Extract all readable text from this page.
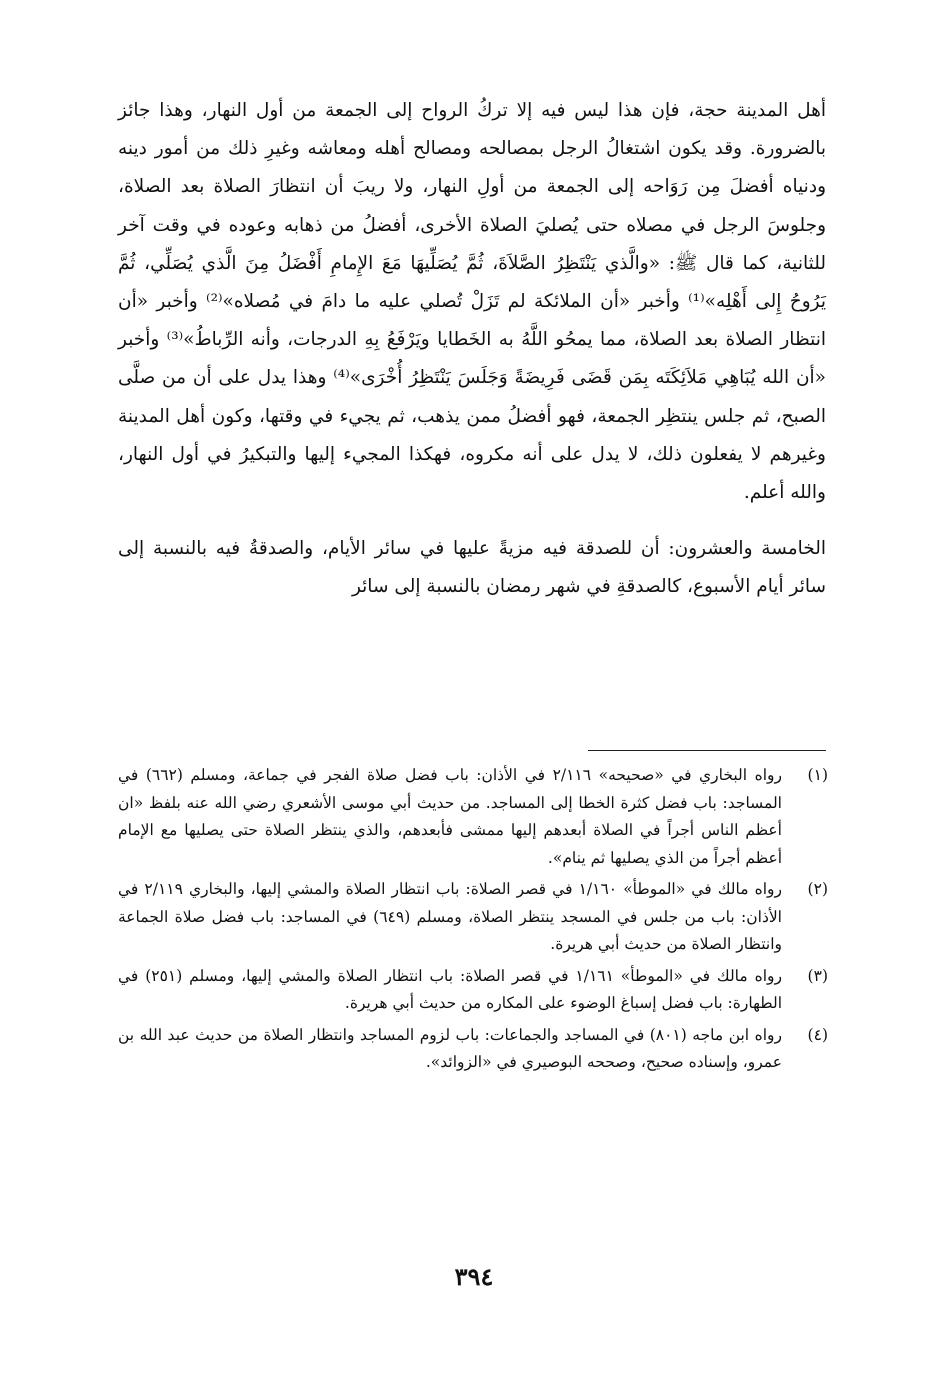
أهل المدينة حجة، فإن هذا ليس فيه إلا تركُ الرواح إلى الجمعة من أول النهار، وهذا جائز بالضرورة. وقد يكون اشتغالُ الرجل بمصالحه ومصالح أهله ومعاشه وغيرِ ذلك من أمور دينه ودنياه أفضلَ مِن رَوَاحه إلى الجمعة من أولِ النهار، ولا ريبَ أن انتظارَ الصلاة بعد الصلاة، وجلوسَ الرجل في مصلاه حتى يُصليَ الصلاة الأخرى، أفضلُ من ذهابه وعوده في وقت آخر للثانية، كما قال ﷺ: «والَّذي يَنْتَظِرُ الصَّلاَةَ، ثُمَّ يُصَلِّيهَا مَعَ الإِمامِ أَفْضَلُ مِنَ الَّذي يُصَلِّي، ثُمَّ يَرُوحُ إِلى أَهْلِه»⁽¹⁾ وأخبر «أن الملائكة لم تَزَلْ تُصلي عليه ما دامَ في مُصلاه»⁽²⁾ وأخبر «أن انتظار الصلاة بعد الصلاة، مما يمحُو اللَّهُ به الخَطايا ويَرْفَعُ بِهِ الدرجات، وأنه الرِّباطُ»⁽³⁾ وأخبر «أن الله يُبَاهِي مَلاَئِكَتَه بِمَن قَضَى فَرِيضَةً وَجَلَسَ يَنْتَظِرُ أُخْرَى»⁽⁴⁾ وهذا يدل على أن من صلَّى الصبح، ثم جلس ينتظِر الجمعة، فهو أفضلُ ممن يذهب، ثم يجيء في وقتها، وكون أهل المدينة وغيرهم لا يفعلون ذلك، لا يدل على أنه مكروه، فهكذا المجيء إليها والتبكيرُ في أول النهار، والله أعلم.

الخامسة والعشرون: أن للصدقة فيه مزيةً عليها في سائر الأيام، والصدقةُ فيه بالنسبة إلى سائر أيام الأسبوع، كالصدقةِ في شهر رمضان بالنسبة إلى سائر

(١)
رواه البخاري في «صحيحه» ٢/١١٦ في الأذان: باب فضل صلاة الفجر في جماعة، ومسلم (٦٦٢) في المساجد: باب فضل كثرة الخطا إلى المساجد. من حديث أبي موسى الأشعري رضي الله عنه بلفظ «ان أعظم الناس أجراً في الصلاة أبعدهم إليها ممشى فأبعدهم، والذي ينتظر الصلاة حتى يصليها مع الإمام أعظم أجراً من الذي يصليها ثم ينام».
(٢)
رواه مالك في «الموطأ» ١/١٦٠ في قصر الصلاة: باب انتظار الصلاة والمشي إليها، والبخاري ٢/١١٩ في الأذان: باب من جلس في المسجد ينتظر الصلاة، ومسلم (٦٤٩) في المساجد: باب فضل صلاة الجماعة وانتظار الصلاة من حديث أبي هريرة.
(٣)
رواه مالك في «الموطأ» ١/١٦١ في قصر الصلاة: باب انتظار الصلاة والمشي إليها، ومسلم (٢٥١) في الطهارة: باب فضل إسباغ الوضوء على المكاره من حديث أبي هريرة.
(٤)
رواه ابن ماجه (٨٠١) في المساجد والجماعات: باب لزوم المساجد وانتظار الصلاة من حديث عبد الله بن عمرو، وإسناده صحيح، وصححه البوصيري في «الزوائد».
٣٩٤
